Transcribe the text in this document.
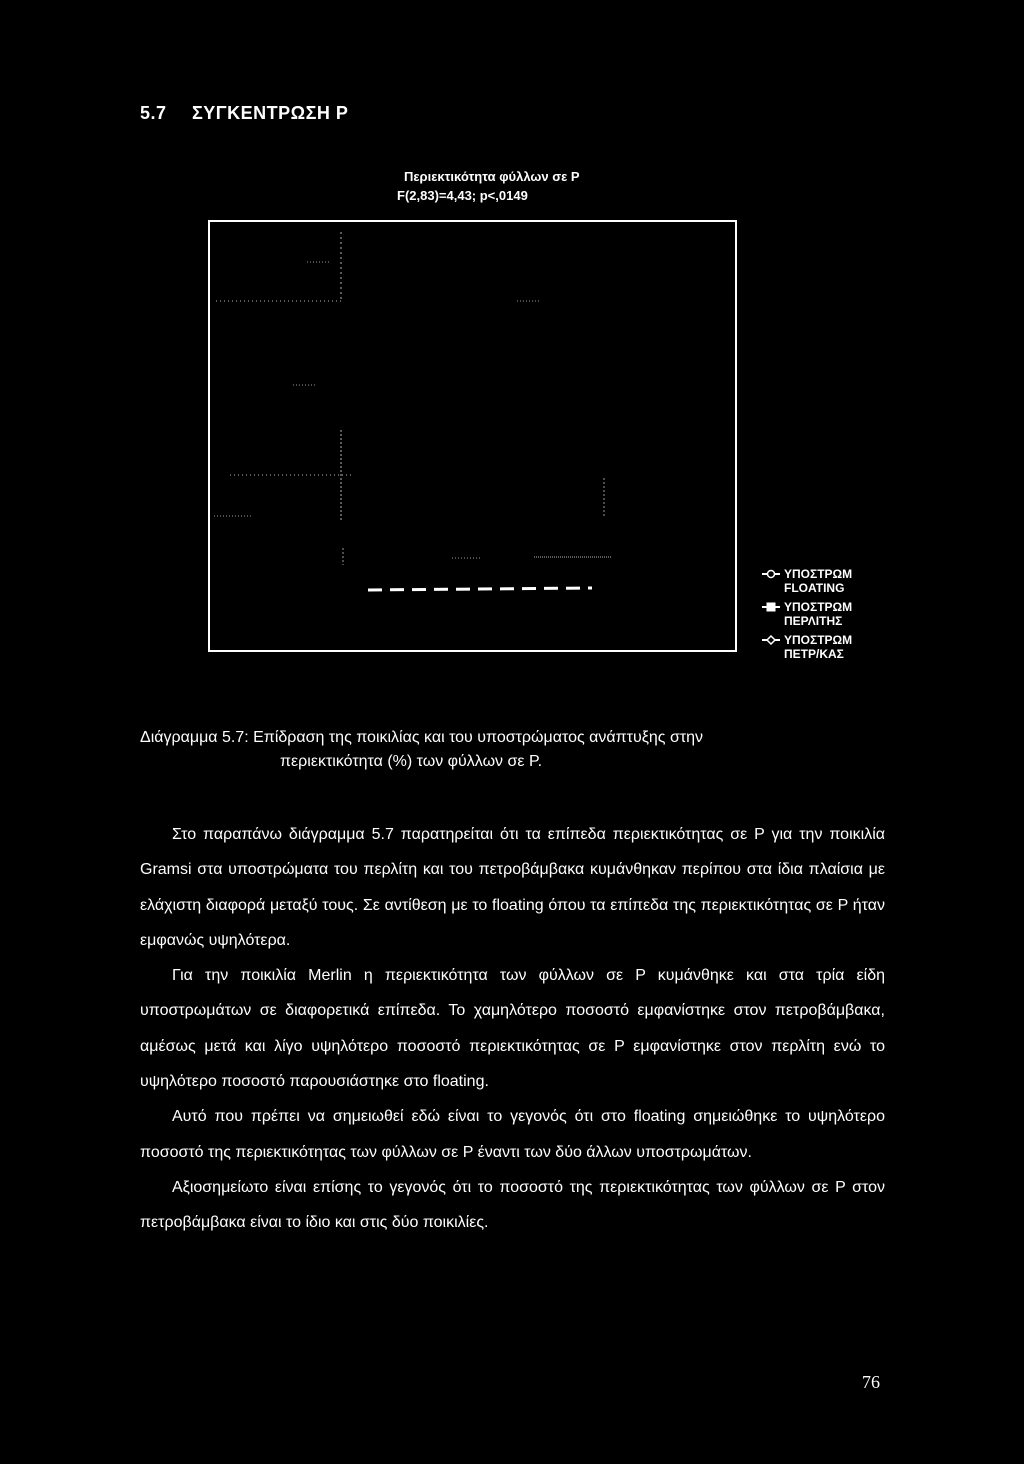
5.7 ΣΥΓΚΕΝΤΡΩΣΗ P
Περιεκτικότητα φύλλων σε P
F(2,83)=4,43; p<,0149
ΥΠΟΣΤΡΩΜ
FLOATING
ΥΠΟΣΤΡΩΜ
ΠΕΡΛΙΤΗΣ
ΥΠΟΣΤΡΩΜ
ΠΕΤΡ/ΚΑΣ
Διάγραμμα 5.7: Επίδραση της ποικιλίας και του υποστρώματος ανάπτυξης στην
περιεκτικότητα (%) των φύλλων σε P.

Στο παραπάνω διάγραμμα 5.7 παρατηρείται ότι τα επίπεδα περιεκτικότητας σε P για την ποικιλία Gramsi στα υποστρώματα του περλίτη και του πετροβάμβακα κυμάνθηκαν περίπου στα ίδια πλαίσια με ελάχιστη διαφορά μεταξύ τους. Σε αντίθεση με το floating όπου τα επίπεδα της περιεκτικότητας σε P ήταν εμφανώς υψηλότερα.

Για την ποικιλία Merlin η περιεκτικότητα των φύλλων σε P κυμάνθηκε και στα τρία είδη υποστρωμάτων σε διαφορετικά επίπεδα. Το χαμηλότερο ποσοστό εμφανίστηκε στον πετροβάμβακα, αμέσως μετά και λίγο υψηλότερο ποσοστό περιεκτικότητας σε P εμφανίστηκε στον περλίτη ενώ το υψηλότερο ποσοστό παρουσιάστηκε στο floating.

Αυτό που πρέπει να σημειωθεί εδώ είναι το γεγονός ότι στο floating σημειώθηκε το υψηλότερο ποσοστό της περιεκτικότητας των φύλλων σε P έναντι των δύο άλλων υποστρωμάτων.

Αξιοσημείωτο είναι επίσης το γεγονός ότι το ποσοστό της περιεκτικότητας των φύλλων σε P στον πετροβάμβακα είναι το ίδιο και στις δύο ποικιλίες.

76
